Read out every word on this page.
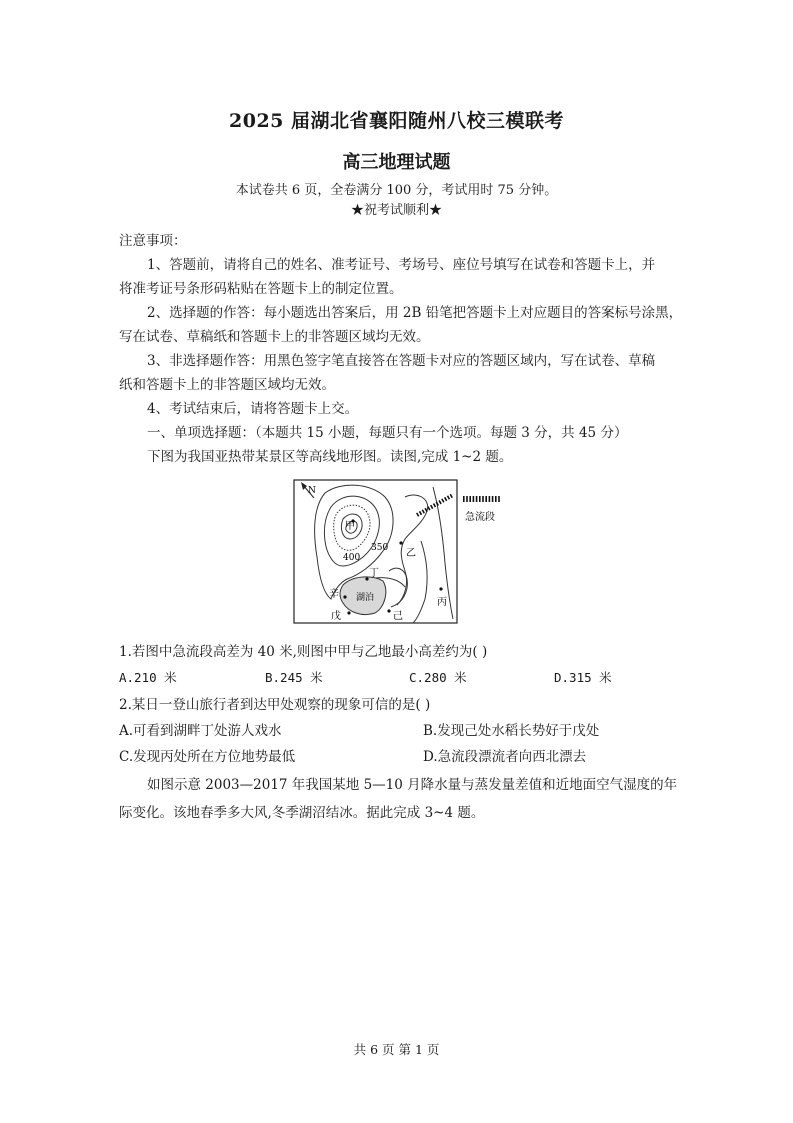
2025 届湖北省襄阳随州八校三模联考
高三地理试题
本试卷共 6 页，全卷满分 100 分，考试用时 75 分钟。
★祝考试顺利★
注意事项：
1、答题前，请将自己的姓名、准考证号、考场号、座位号填写在试卷和答题卡上，并
将准考证号条形码粘贴在答题卡上的制定位置。
2、选择题的作答：每小题选出答案后，用 2B 铅笔把答题卡上对应题目的答案标号涂黑，
写在试卷、草稿纸和答题卡上的非答题区域均无效。
3、非选择题作答：用黑色签字笔直接答在答题卡对应的答题区域内，写在试卷、草稿
纸和答题卡上的非答题区域均无效。
4、考试结束后，请将答题卡上交。
一、单项选择题：（本题共 15 小题，每题只有一个选项。每题 3 分，共 45 分）
下图为我国亚热带某景区等高线地形图。读图,完成 1~2 题。
N
湖泊
急流段
甲
乙
丙
丁
戊	己
辛
400
350
1.若图中急流段高差为 40 米,则图中甲与乙地最小高差约为( )
A.210 米	B.245 米	C.280 米	D.315 米
2.某日一登山旅行者到达甲处观察的现象可信的是( )
A.可看到湖畔丁处游人戏水	B.发现己处水稻长势好于戊处
C.发现丙处所在方位地势最低	D.急流段漂流者向西北漂去
如图示意 2003—2017 年我国某地 5—10 月降水量与蒸发量差值和近地面空气湿度的年
际变化。该地春季多大风,冬季湖沼结冰。据此完成 3~4 题。
共 6 页 第 1 页
